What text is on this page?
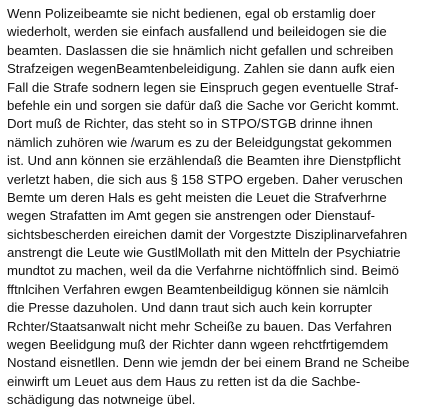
Wenn Polizeibeamte sie nicht bedienen, egal ob erstamlig doer
wiederholt, werden sie einfach ausfallend und beileidogen sie die
beamten. Daslassen die sie hnämlich nicht gefallen und schreiben
Strafzeigen wegenBeamtenbeleidigung. Zahlen sie dann aufk eien
Fall die Strafe sodnern legen sie Einspruch gegen eventuelle Straf-
befehle ein und sorgen sie dafür daß die Sache vor Gericht kommt.
Dort muß de Richter, das steht so in STPO/STGB drinne ihnen
nämlich zuhören wie /warum es zu der Beleidgungstat gekommen
ist. Und ann können sie erzählendaß die Beamten ihre Dienstpflicht
verletzt haben, die sich aus § 158 STPO ergeben. Daher veruschen
Bemte um deren Hals es geht meisten die Leuet die Strafverhrne
wegen Strafatten im Amt gegen sie anstrengen oder Dienstauf-
sichtsbescherden eireichen damit der Vorgestzte Disziplinarvefahren
anstrengt die Leute wie GustlMollath mit den Mitteln der Psychiatrie
mundtot zu machen, weil da die Verfahrne nichtöffnlich sind. Beimö
fftnlcihen Verfahren ewgen Beamtenbeildigug können sie nämlcih
die Presse dazuholen. Und dann traut sich auch kein korrupter
Rchter/Staatsanwalt nicht mehr Scheiße zu bauen. Das Verfahren
wegen Beelidgung muß der Richter dann wgeen rehctfrtigemdem
Nostand eisnetllen. Denn wie jemdn der bei einem Brand ne Scheibe
einwirft um Leuet aus dem Haus zu retten ist da die Sachbe-
schädigung das notwneige übel.
